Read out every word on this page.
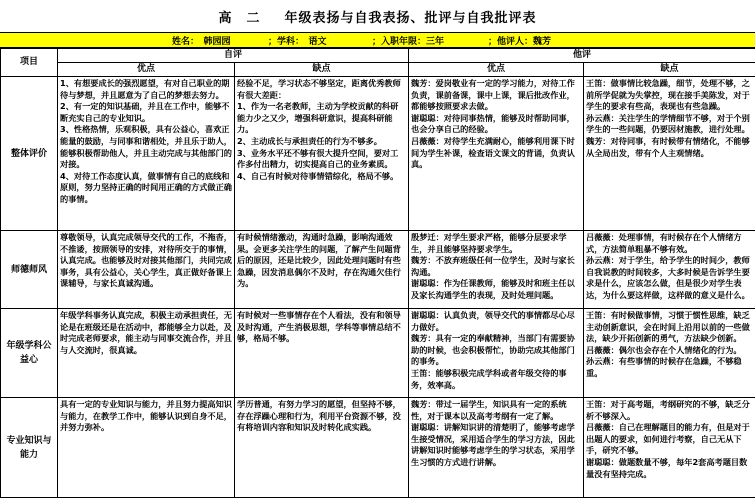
高　二 年级表扬与自我表扬、批评与自我批评表
姓名：　韩园园	；学科：　语文	；入职年限：三年	；他评人：魏芳
项目	自评		他评	
	优点	缺点	优点	缺点
整体评价	1、有想要成长的强烈愿望，有对自己职业的期待与梦想，并且愿意为了自己的梦想去努力。
2、有一定的知识基础，并且在工作中，能够不断充实自己的专业知识。
3、性格热情，乐观积极，具有公益心，喜欢正能量的鼓励，与同事和谐相处，并且乐于助人，能够积极帮助他人，并且主动完成与其他部门的对接。
4、对待工作态度认真，做事情有自己的底线和原则，努力坚持正确的时间用正确的方式做正确的事情。	经验不足，学习状态不够坚定，距离优秀教师有很大差距：
1、作为一名老教师，主动为学校贡献的科研能力少之又少，增强科研意识，提高科研能力。
2、主动成长与承担责任的行为不够多。
3、业务水平还不够有很大提升空间，要对工作多付出精力，切实提高自己的业务素质。
4、自己有时候对待事情错综化，格局不够。	魏芳：爱岗敬业有一定的学习能力，对待工作负责，课前备课，课中上课，课后批改作业，都能够按照要求去做。
谢聪聪：对待同事热情，能够及时帮助同事，也会分享自己的经验。
吕薇薇：对待学生充满耐心，能够利用课下时间为学生补课，检查语文课文的背诵，负责认真。	王笛：做事情比较急躁，细节，处理不够，之前所学促就为失掌控，现在接手美陈发，对于学生的要求有些高，表现也有些急躁。
孙云燕：关注学生的学情细节不够，对于个别学生的一些问题，仍要因材施教，进行处理。
魏芳：对待同事，有时候带有情绪化，不能够从全局出发，带有个人主观情绪。

师德师风	尊敬领导，认真完成领导交代的工作，不拖沓，不推诿，按照领导的安排，对待所交于的事情，认真完成。也能够及时对接其他部门，共同完成事务，具有公益心，关心学生，真正做好备课上课辅导，与家长真诚沟通。	有时候情绪激动，沟通时急躁，影响沟通效果。会更多关注学生的问题，了解产生问题背后的原因，还是比较少，因此处理问题时有些急躁，因发消息偶尔不及时，存在沟通欠佳行为。	殷梦迁：对学生要求严格，能够分层要求学生，并且能够坚持要求学生。
魏芳：不放弃班级任何一位学生，及时与家长沟通。
谢聪聪：作为任课教师，能够及时和班主任以及家长沟通学生的表现，及时处理问题。	吕薇薇：处理事情，有时候存在个人情绪方式，方法简单粗暴不够有效。
孙云燕：对于学生，给予学生的时间少，教师自我说教的时间较多，大多时候是告诉学生要求是什么，应该怎么做，但是很少对学生表达，为什么要这样做，这样做的意义是什么。

年级学科公益心	年级学科事务认真完成，积极主动承担责任，无论是在班级还是在活动中，都能够全力以赴，及时完成老师要求，能主动与同事交流合作，并且与人交流时，很真诚。	有时候对一些事情存在个人看法，没有和领导及时沟通，产生消极思想，学科等事情总结不够，格局不够。	谢聪聪：认真负责，领导交代的事情都尽心尽力做好。
魏芳：具有一定的奉献精神，当部门有需要协助的时候，也会积极帮忙，协助完成其他部门的事务。
王笛：能够积极完成学科或者年级交待的事务，效率高。	王笛：有时候做事情，习惯于惯性思维，缺乏主动创新意识，会在时间上沿用以前的一些做法，缺少开拓创新的勇气，方法缺少创新。
吕薇薇：偶尔也会存在个人情绪化的行为。
孙云燕：有些事情的时候存在急躁，不够稳重。

专业知识与能力	具有一定的专业知识与能力，并且努力提高知识与能力，在教学工作中，能够认识到自身不足，并努力弥补。	学历普通，有努力学习的愿望，但坚持不够，存在浮躁心理和行为，利用平台资源不够，没有将培训内容和知识及时转化成实践。	魏芳：带过一届学生，知识具有一定的系统性，对于课本以及高考考纲有一定了解。
谢聪聪：讲解知识讲的清楚明了，能够考虑学生接受情况，采用适合学生的学习方法，因此讲解知识时能够考虑学生的学习状态，采用学生习惯的方式进行讲解。	王笛：对于高考题，考纲研究的不够，缺乏分析不够深入。
吕薇薇：自己在理解题目的能力有，但是对于出题人的要求，如何进行考察，自己无从下手，研究不够。
谢聪聪：做题数量不够，每年2套高考题目数量没有坚持完成。
